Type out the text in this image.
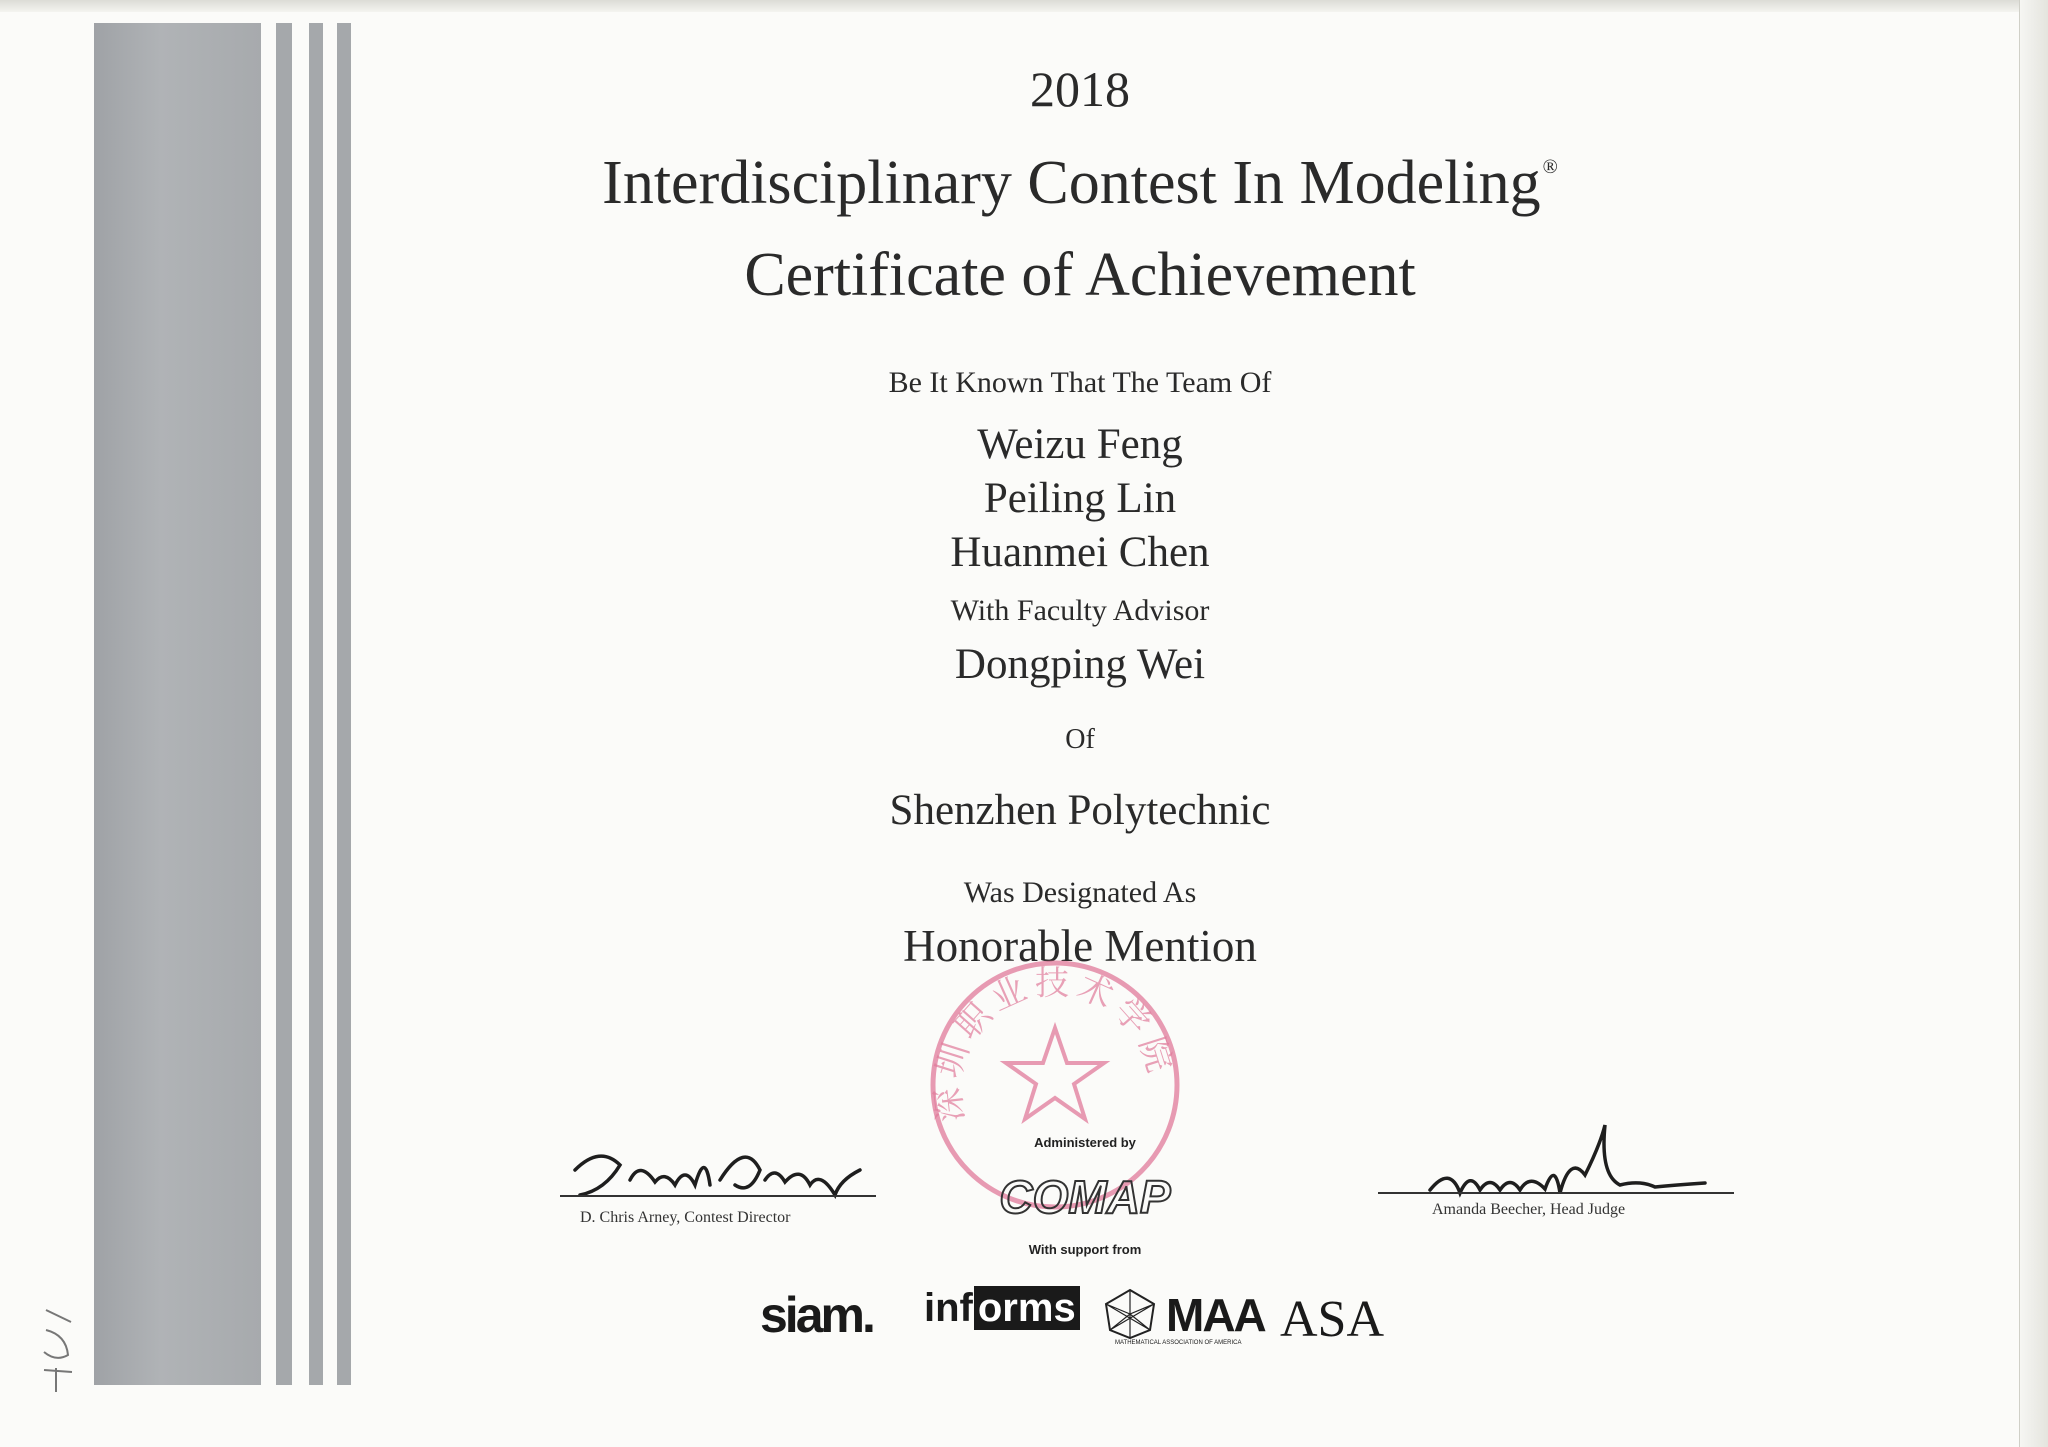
2018
Interdisciplinary Contest In Modeling ®
Certificate of Achievement
Be It Known That The Team Of
Weizu Feng
Peiling Lin
Huanmei Chen
With Faculty Advisor
Dongping Wei
Of
Shenzhen Polytechnic
Was Designated As
Honorable Mention
深圳职业技术学院
Administered by
COMAP
With support from
D. Chris Arney, Contest Director	Amanda Beecher, Head Judge
siam. inf orms MAA
MATHEMATICAL ASSOCIATION OF AMERICA ASA
